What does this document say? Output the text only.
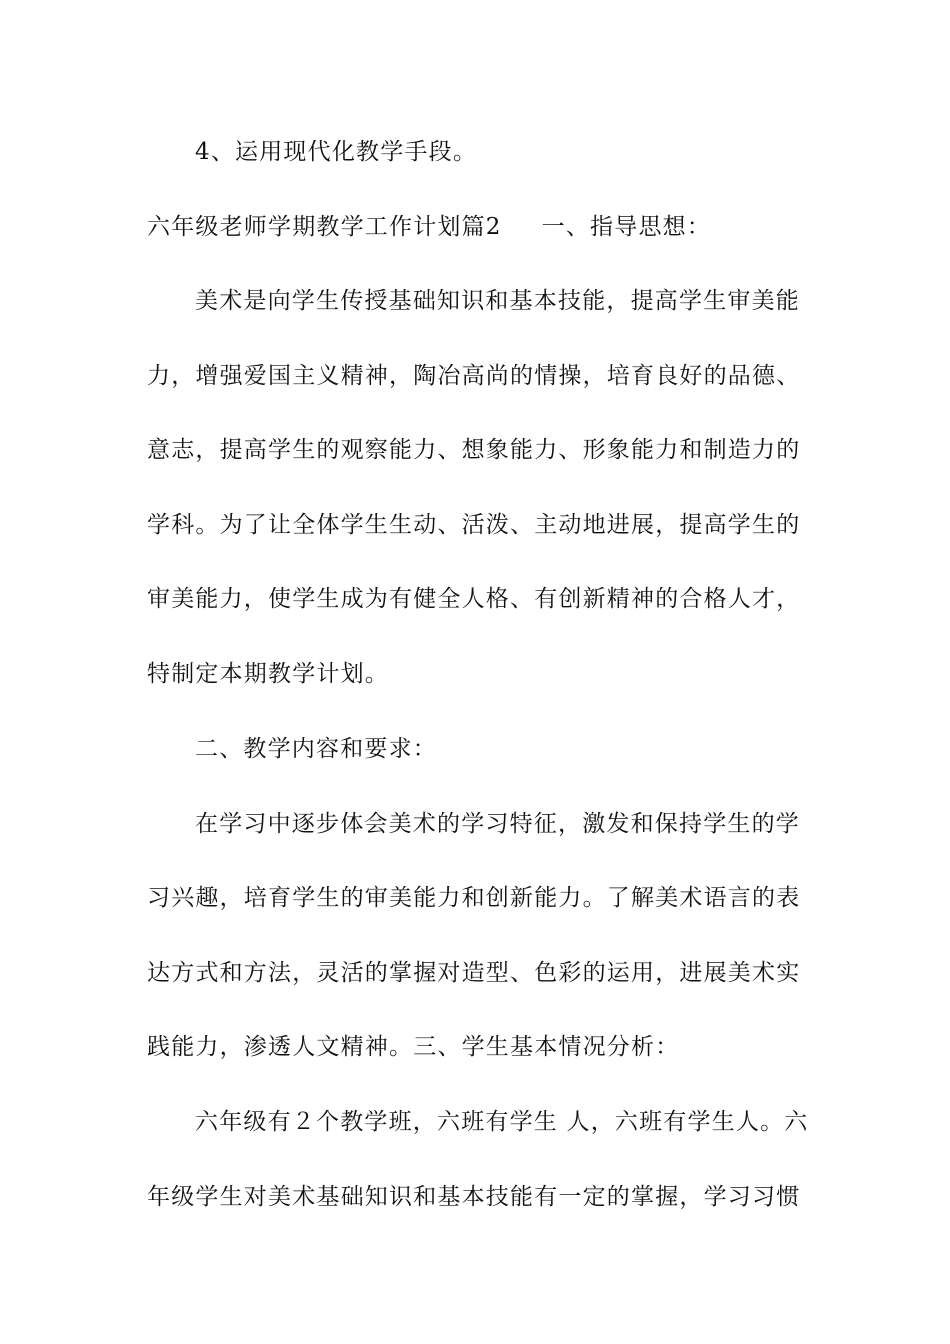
4、运用现代化教学手段。
六年级老师学期教学工作计划篇2 一、指导思想：
美术是向学生传授基础知识和基本技能，提高学生审美能
力，增强爱国主义精神，陶冶高尚的情操，培育良好的品德、
意志，提高学生的观察能力、想象能力、形象能力和制造力的
学科。为了让全体学生生动、活泼、主动地进展，提高学生的
审美能力，使学生成为有健全人格、有创新精神的合格人才，
特制定本期教学计划。
二、教学内容和要求：
在学习中逐步体会美术的学习特征，激发和保持学生的学
习兴趣，培育学生的审美能力和创新能力。了解美术语言的表
达方式和方法，灵活的掌握对造型、色彩的运用，进展美术实
践能力，渗透人文精神。三、学生基本情况分析：
六年级有２个教学班，六班有学生 人，六班有学生人。六
年级学生对美术基础知识和基本技能有一定的掌握，学习习惯
